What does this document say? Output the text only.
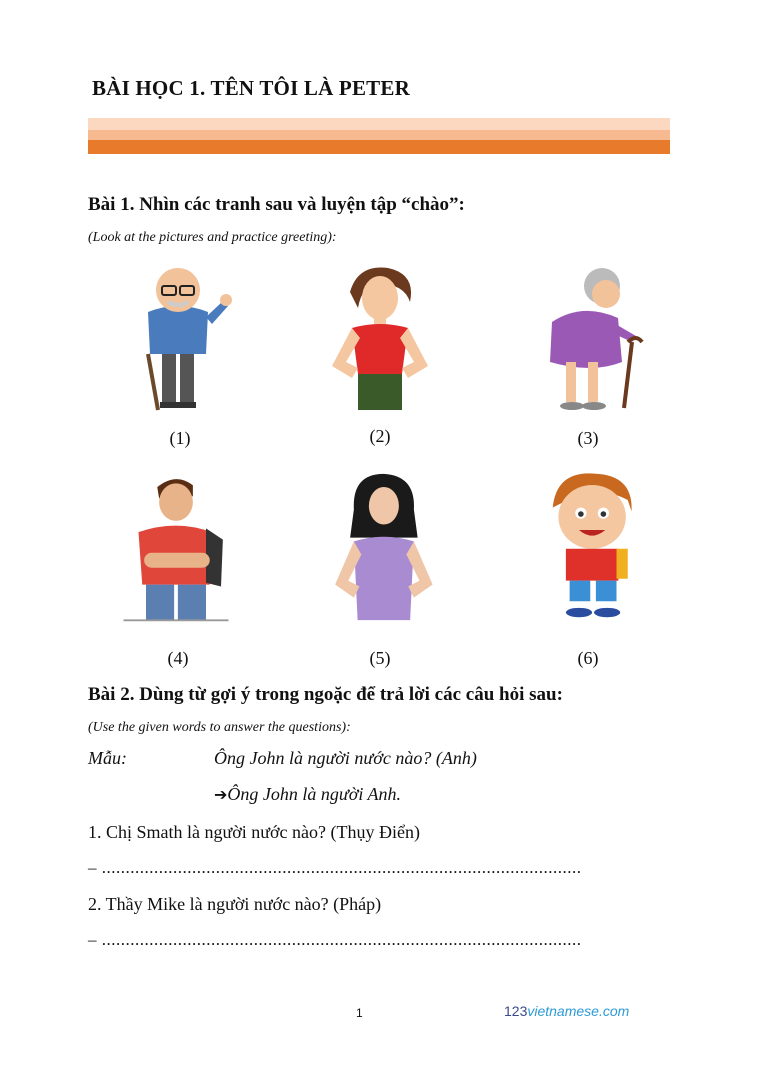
BÀI HỌC 1. TÊN TÔI LÀ PETER
Bài 1. Nhìn các tranh sau và luyện tập “chào”:
(Look at the pictures and practice greeting):
(1)	(2)	(3)
(4)	(5)	(6)
Bài 2. Dùng từ gợi ý trong ngoặc để trả lời các câu hỏi sau:
(Use the given words to answer the questions):
Mẫu:	Ông John là người nước nào? (Anh)
➔Ông John là người Anh.
1. Chị Smath là người nước nào? (Thụy Điển)
– .....................................................................................................
2. Thầy Mike là người nước nào? (Pháp)
– .....................................................................................................
1	123vietnamese.com
